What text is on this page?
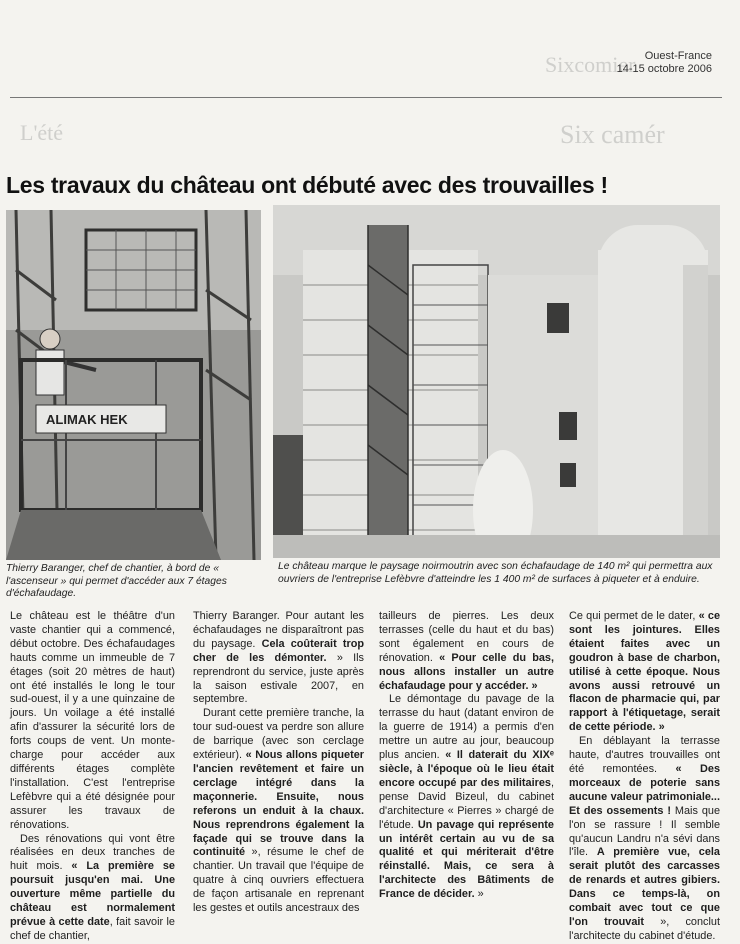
Sixcomier
Six camér
L'été
Ouest-France
14-15 octobre 2006
Les travaux du château ont débuté avec des trouvailles !
ALIMAK HEK
Thierry Baranger, chef de chantier, à bord de « l'ascenseur » qui permet d'accéder aux 7 étages d'échafaudage.
Le château marque le paysage noirmoutrin avec son échafaudage de 140 m² qui permettra aux ouvriers de l'entreprise Lefèbvre d'atteindre les 1 400 m² de surfaces à piqueter et à enduire.

Le château est le théâtre d'un vaste chantier qui a commencé, début octobre. Des échafaudages hauts comme un immeuble de 7 étages (soit 20 mètres de haut) ont été installés le long le tour sud-ouest, il y a une quinzaine de jours. Un voilage a été installé afin d'assurer la sécurité lors de forts coups de vent. Un monte-charge pour accéder aux différents étages complète l'installation. C'est l'entreprise Lefèbvre qui a été désignée pour assurer les travaux de rénovations.

Des rénovations qui vont être réalisées en deux tranches de huit mois. « La première se poursuit jusqu'en mai. Une ouverture même partielle du château est normalement prévue à cette date, fait savoir le chef de chantier,

Thierry Baranger. Pour autant les échafaudages ne disparaîtront pas du paysage. Cela coûterait trop cher de les démonter. » Ils reprendront du service, juste après la saison estivale 2007, en septembre.

Durant cette première tranche, la tour sud-ouest va perdre son allure de barrique (avec son cerclage extérieur). « Nous allons piqueter l'ancien revêtement et faire un cerclage intégré dans la maçonnerie. Ensuite, nous referons un enduit à la chaux. Nous reprendrons également la façade qui se trouve dans la continuité », résume le chef de chantier. Un travail que l'équipe de quatre à cinq ouvriers effectuera de façon artisanale en reprenant les gestes et outils ancestraux des

tailleurs de pierres. Les deux terrasses (celle du haut et du bas) sont également en cours de rénovation. « Pour celle du bas, nous allons installer un autre échafaudage pour y accéder. »

Le démontage du pavage de la terrasse du haut (datant environ de la guerre de 1914) a permis d'en mettre un autre au jour, beaucoup plus ancien. « Il daterait du XIXᵉ siècle, à l'époque où le lieu était encore occupé par des militaires, pense David Bizeul, du cabinet d'architecture « Pierres » chargé de l'étude. Un pavage qui représente un intérêt certain au vu de sa qualité et qui mériterait d'être réinstallé. Mais, ce sera à l'architecte des Bâtiments de France de décider. »

Ce qui permet de le dater, « ce sont les jointures. Elles étaient faites avec un goudron à base de charbon, utilisé à cette époque. Nous avons aussi retrouvé un flacon de pharmacie qui, par rapport à l'étiquetage, serait de cette période. »

En déblayant la terrasse haute, d'autres trouvailles ont été remontées. « Des morceaux de poterie sans aucune valeur patrimoniale... Et des ossements ! Mais que l'on se rassure ! Il semble qu'aucun Landru n'a sévi dans l'île. A première vue, cela serait plutôt des carcasses de renards et autres gibiers. Dans ce temps-là, on combait avec tout ce que l'on trouvait », conclut l'architecte du cabinet d'étude.
